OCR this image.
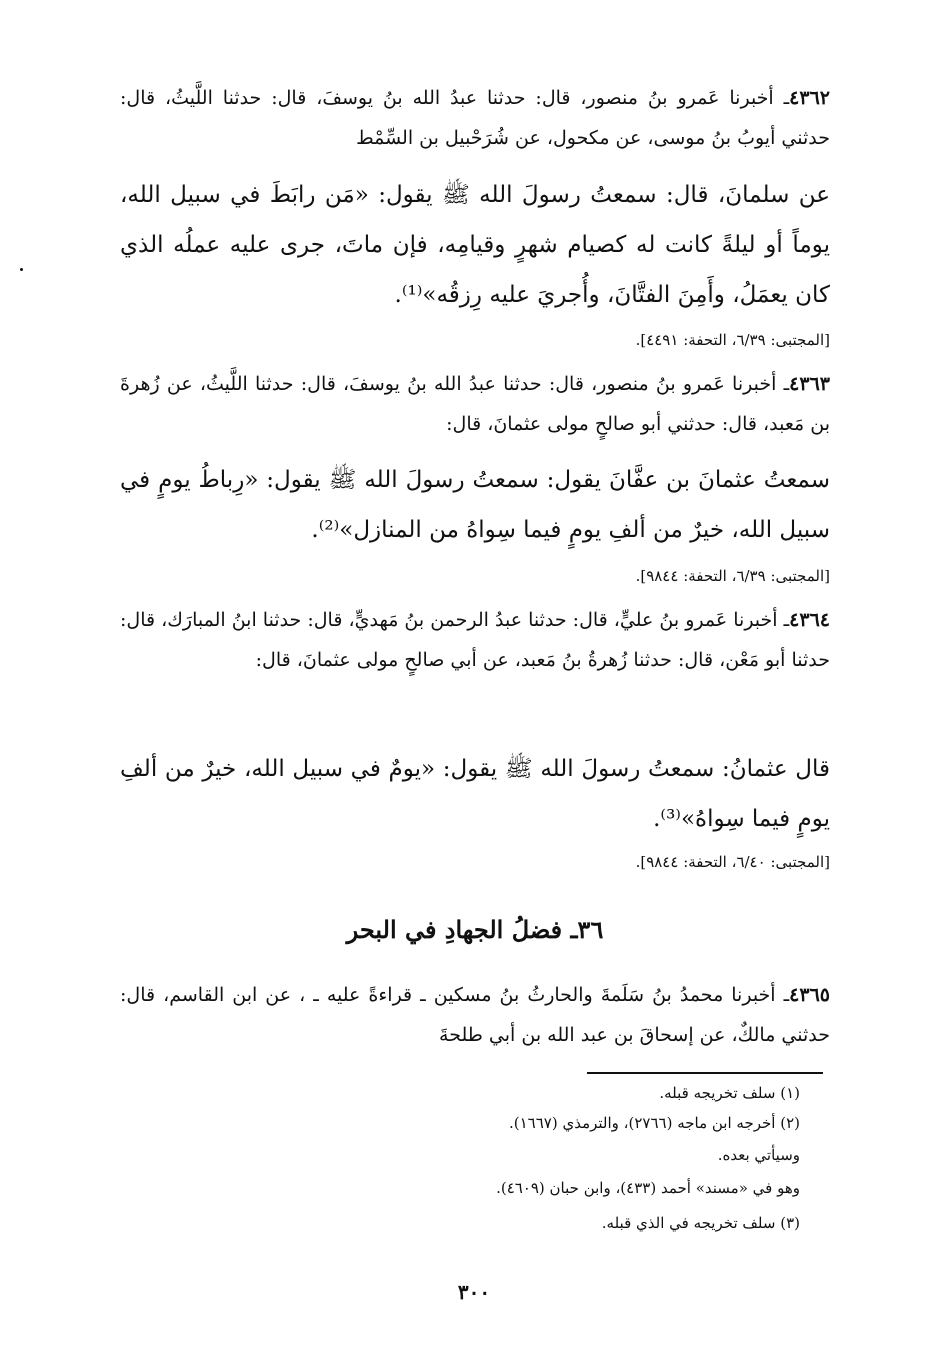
٤٣٦٢ـ أخبرنا عَمرو بنُ منصور، قال: حدثنا عبدُ الله بنُ يوسفَ، قال: حدثنا اللَّيثُ، قال: حدثني أيوبُ بنُ موسى، عن مكحول، عن شُرَحْبيل بن السِّمْط
عن سلمانَ، قال: سمعتُ رسولَ الله ﷺ يقول: «مَن رابَطَ في سبيل الله، يوماً أو ليلةً كانت له كصيام شهرٍ وقيامِه، فإن ماتَ، جرى عليه عملُه الذي كان يعمَلُ، وأَمِنَ الفتَّانَ، وأُجريَ عليه رِزقُه»⁽¹⁾.
[المجتبى: ٦/٣٩، التحفة: ٤٤٩١].
٤٣٦٣ـ أخبرنا عَمرو بنُ منصور، قال: حدثنا عبدُ الله بنُ يوسفَ، قال: حدثنا اللَّيثُ، عن زُهرةَ بن مَعبد، قال: حدثني أبو صالحٍ مولى عثمانَ، قال:
سمعتُ عثمانَ بن عفَّانَ يقول: سمعتُ رسولَ الله ﷺ يقول: «رِباطُ يومٍ في سبيل الله، خيرٌ من ألفِ يومٍ فيما سِواهُ من المنازل»⁽²⁾.
[المجتبى: ٦/٣٩، التحفة: ٩٨٤٤].
٤٣٦٤ـ أخبرنا عَمرو بنُ عليٍّ، قال: حدثنا عبدُ الرحمن بنُ مَهديٍّ، قال: حدثنا ابنُ المبارَك، قال: حدثنا أبو مَعْن، قال: حدثنا زُهرةُ بنُ مَعبد، عن أبي صالحٍ مولى عثمانَ، قال:
قال عثمانُ: سمعتُ رسولَ الله ﷺ يقول: «يومٌ في سبيل الله، خيرٌ من ألفِ يومٍ فيما سِواهُ»⁽³⁾.
[المجتبى: ٦/٤٠، التحفة: ٩٨٤٤].
٣٦ـ فضلُ الجهادِ في البحر
٤٣٦٥ـ أخبرنا محمدُ بنُ سَلَمةَ والحارثُ بنُ مسكين ـ قراءةً عليه ـ ، عن ابن القاسم، قال: حدثني مالكٌ، عن إسحاقَ بن عبد الله بن أبي طلحةَ
(١) سلف تخريجه قبله.
(٢) أخرجه ابن ماجه (٢٧٦٦)، والترمذي (١٦٦٧).
وسيأتي بعده.
وهو في «مسند» أحمد (٤٣٣)، وابن حبان (٤٦٠٩).
(٣) سلف تخريجه في الذي قبله.
٣٠٠
